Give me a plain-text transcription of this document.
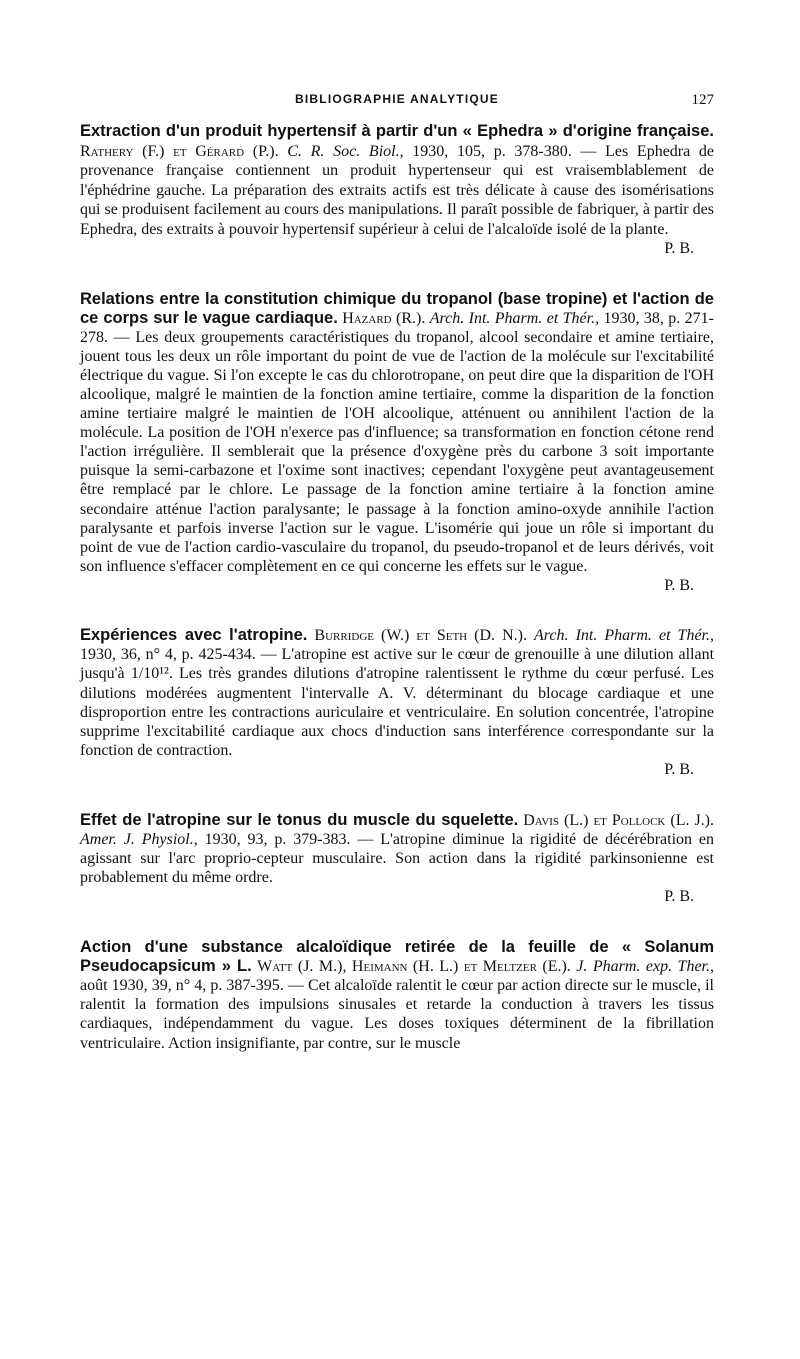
BIBLIOGRAPHIE ANALYTIQUE	127

Extraction d'un produit hypertensif à partir d'un « Ephedra » d'origine française. Rathery (F.) et Gérard (P.). C. R. Soc. Biol., 1930, 105, p. 378-380. — Les Ephedra de provenance française contiennent un produit hypertenseur qui est vraisemblablement de l'éphédrine gauche. La préparation des extraits actifs est très délicate à cause des isomérisations qui se produisent facilement au cours des manipulations. Il paraît possible de fabriquer, à partir des Ephedra, des extraits à pouvoir hypertensif supérieur à celui de l'alcaloïde isolé de la plante.
P. B.

Relations entre la constitution chimique du tropanol (base tropine) et l'action de ce corps sur le vague cardiaque. Hazard (R.). Arch. Int. Pharm. et Thér., 1930, 38, p. 271-278. — Les deux groupements caractéristiques du tropanol, alcool secondaire et amine tertiaire, jouent tous les deux un rôle important du point de vue de l'action de la molécule sur l'excitabilité électrique du vague. Si l'on excepte le cas du chlorotropane, on peut dire que la disparition de l'OH alcoolique, malgré le maintien de la fonction amine tertiaire, comme la disparition de la fonction amine tertiaire malgré le maintien de l'OH alcoolique, atténuent ou annihilent l'action de la molécule. La position de l'OH n'exerce pas d'influence; sa transformation en fonction cétone rend l'action irrégulière. Il semblerait que la présence d'oxygène près du carbone 3 soit importante puisque la semi-carbazone et l'oxime sont inactives; cependant l'oxygène peut avantageusement être remplacé par le chlore. Le passage de la fonction amine tertiaire à la fonction amine secondaire atténue l'action paralysante; le passage à la fonction amino-oxyde annihile l'action paralysante et parfois inverse l'action sur le vague. L'isomérie qui joue un rôle si important du point de vue de l'action cardio-vasculaire du tropanol, du pseudo-tropanol et de leurs dérivés, voit son influence s'effacer complètement en ce qui concerne les effets sur le vague.
P. B.

Expériences avec l'atropine. Burridge (W.) et Seth (D. N.). Arch. Int. Pharm. et Thér., 1930, 36, n° 4, p. 425-434. — L'atropine est active sur le cœur de grenouille à une dilution allant jusqu'à 1/10¹². Les très grandes dilutions d'atropine ralentissent le rythme du cœur perfusé. Les dilutions modérées augmentent l'intervalle A. V. déterminant du blocage cardiaque et une disproportion entre les contractions auriculaire et ventriculaire. En solution concentrée, l'atropine supprime l'excitabilité cardiaque aux chocs d'induction sans interférence correspondante sur la fonction de contraction.
P. B.

Effet de l'atropine sur le tonus du muscle du squelette. Davis (L.) et Pollock (L. J.). Amer. J. Physiol., 1930, 93, p. 379-383. — L'atropine diminue la rigidité de décérébration en agissant sur l'arc proprio-cepteur musculaire. Son action dans la rigidité parkinsonienne est probablement du même ordre.
P. B.

Action d'une substance alcaloïdique retirée de la feuille de « Solanum Pseudocapsicum » L. Watt (J. M.), Heimann (H. L.) et Meltzer (E.). J. Pharm. exp. Ther., août 1930, 39, n° 4, p. 387-395. — Cet alcaloïde ralentit le cœur par action directe sur le muscle, il ralentit la formation des impulsions sinusales et retarde la conduction à travers les tissus cardiaques, indépendamment du vague. Les doses toxiques déterminent de la fibrillation ventriculaire. Action insignifiante, par contre, sur le muscle
